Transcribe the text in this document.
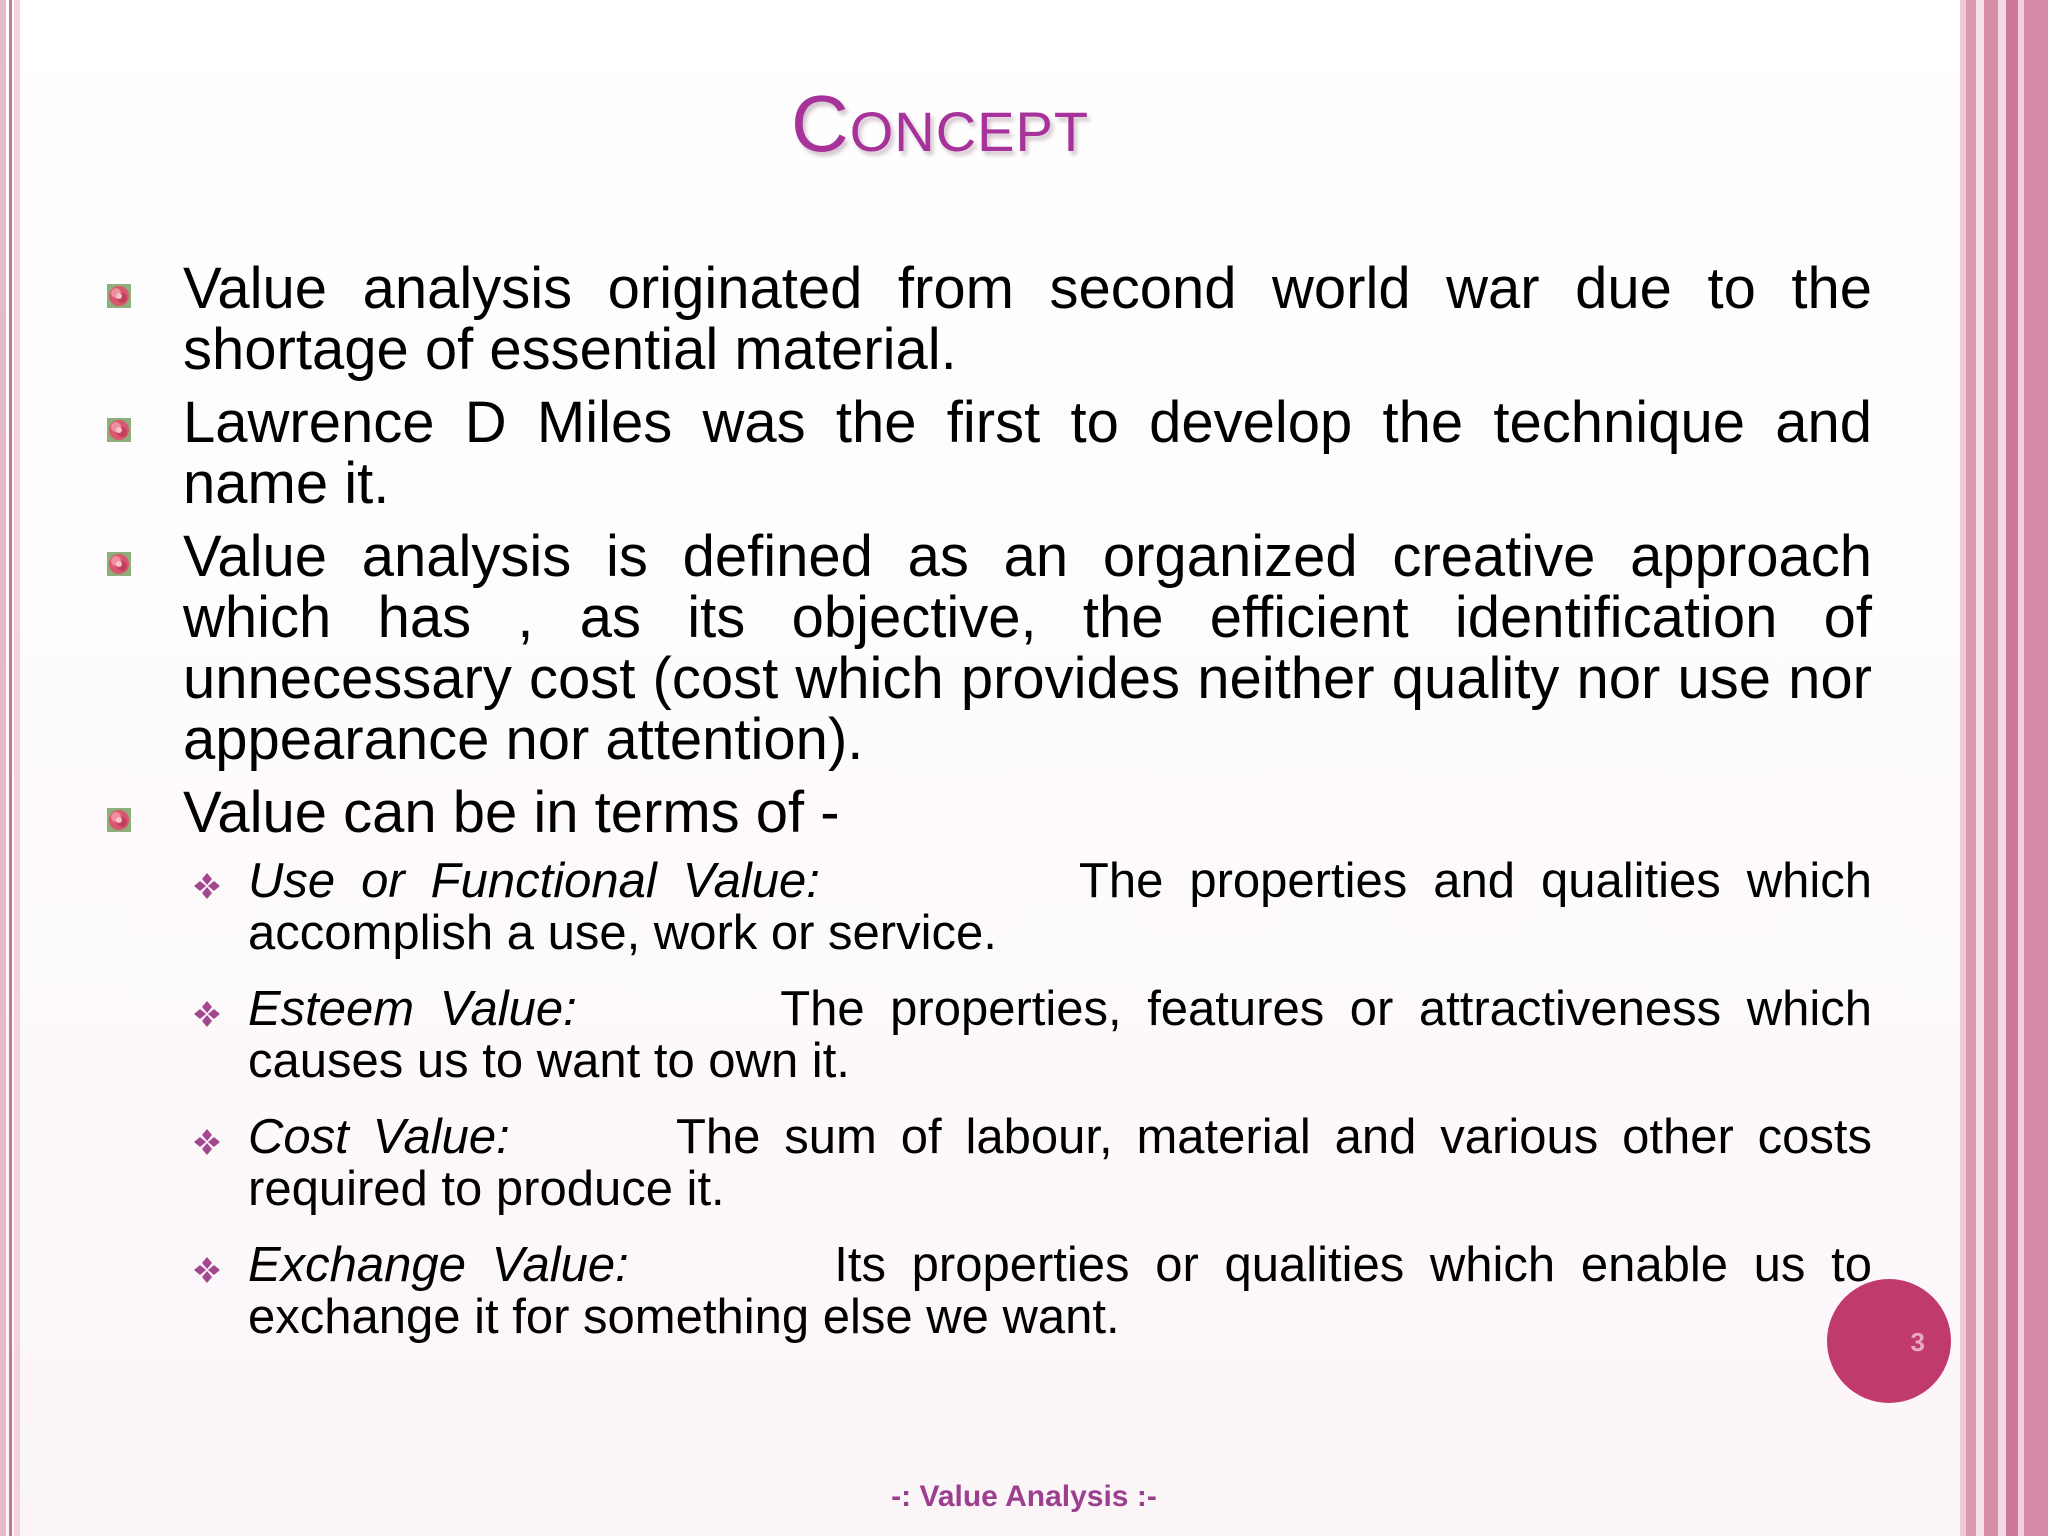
Concept
Value analysis originated from second world war due to the shortage of essential material.
Lawrence D Miles was the first to develop the technique and name it.
Value analysis is defined as an organized creative approach which has , as its objective, the efficient identification of unnecessary cost (cost which provides neither quality nor use nor appearance nor attention).
Value can be in terms of -
Use or Functional Value:	The properties and qualities which accomplish a use, work or service.
Esteem Value:	The properties, features or attractiveness which causes us to want to own it.
Cost Value:	The sum of labour, material and various other costs required to produce it.
Exchange Value:	Its properties or qualities which enable us to exchange it for something else we want.	3
-: Value Analysis :-
